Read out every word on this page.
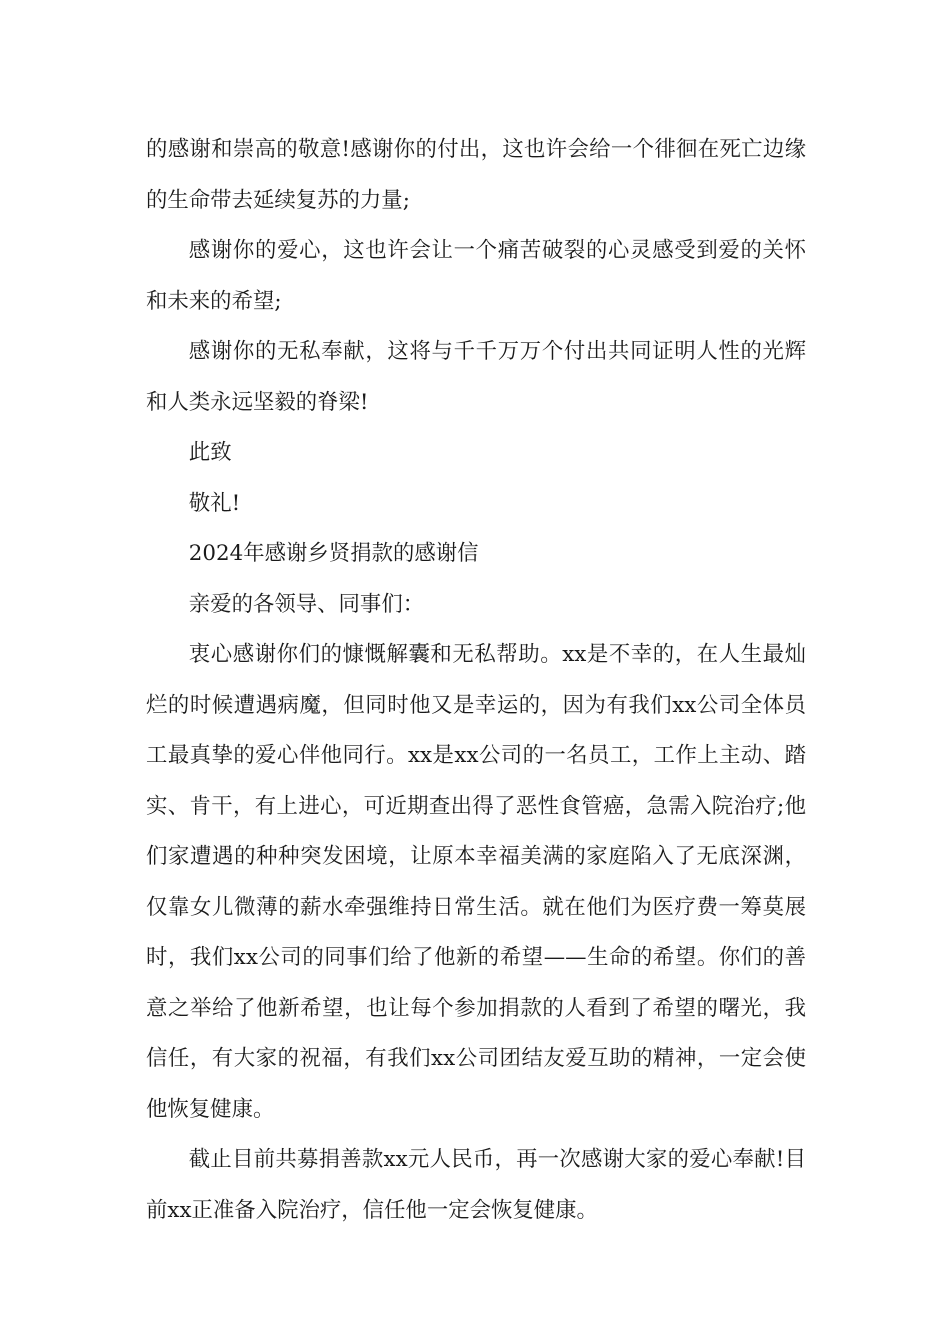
的感谢和崇高的敬意!感谢你的付出，这也许会给一个徘徊在死亡边缘的生命带去延续复苏的力量;

感谢你的爱心，这也许会让一个痛苦破裂的心灵感受到爱的关怀和未来的希望;

感谢你的无私奉献，这将与千千万万个付出共同证明人性的光辉和人类永远坚毅的脊梁!

此致

敬礼!

2024年感谢乡贤捐款的感谢信

亲爱的各领导、同事们：

衷心感谢你们的慷慨解囊和无私帮助。xx是不幸的，在人生最灿烂的时候遭遇病魔，但同时他又是幸运的，因为有我们xx公司全体员工最真挚的爱心伴他同行。xx是xx公司的一名员工，工作上主动、踏实、肯干，有上进心，可近期查出得了恶性食管癌，急需入院治疗;他们家遭遇的种种突发困境，让原本幸福美满的家庭陷入了无底深渊，仅靠女儿微薄的薪水牵强维持日常生活。就在他们为医疗费一筹莫展时，我们xx公司的同事们给了他新的希望——生命的希望。你们的善意之举给了他新希望，也让每个参加捐款的人看到了希望的曙光，我信任，有大家的祝福，有我们xx公司团结友爱互助的精神，一定会使他恢复健康。

截止目前共募捐善款xx元人民币，再一次感谢大家的爱心奉献!目前xx正准备入院治疗，信任他一定会恢复健康。
